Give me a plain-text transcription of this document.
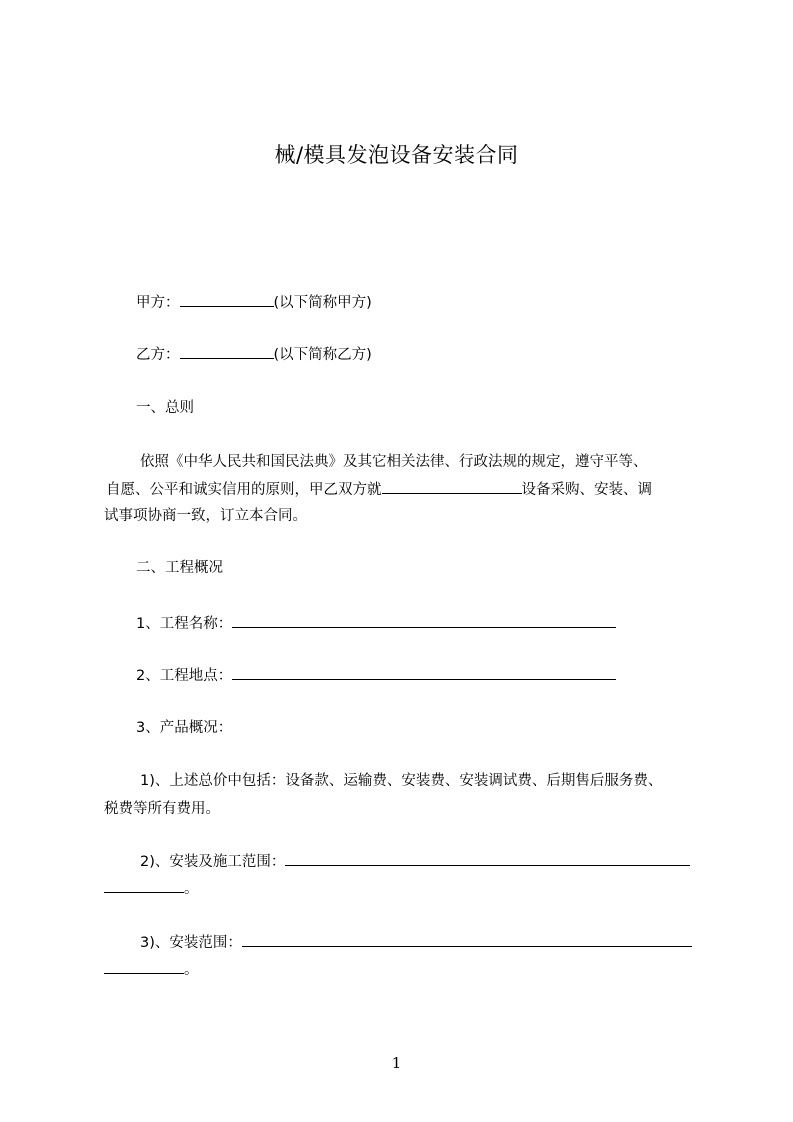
械/模具发泡设备安装合同
甲方：	(以下简称甲方)
乙方：	(以下简称乙方)
一、总则
依照《中华人民共和国民法典》及其它相关法律、行政法规的规定，遵守平等、
自愿、公平和诚实信用的原则，甲乙双方就	设备采购、安装、调
试事项协商一致，订立本合同。
二、工程概况
1、工程名称：
2、工程地点：
3、产品概况：
1)、上述总价中包括：设备款、运输费、安装费、安装调试费、后期售后服务费、
税费等所有费用。
2)、安装及施工范围：
。
3)、安装范围：
。
1
